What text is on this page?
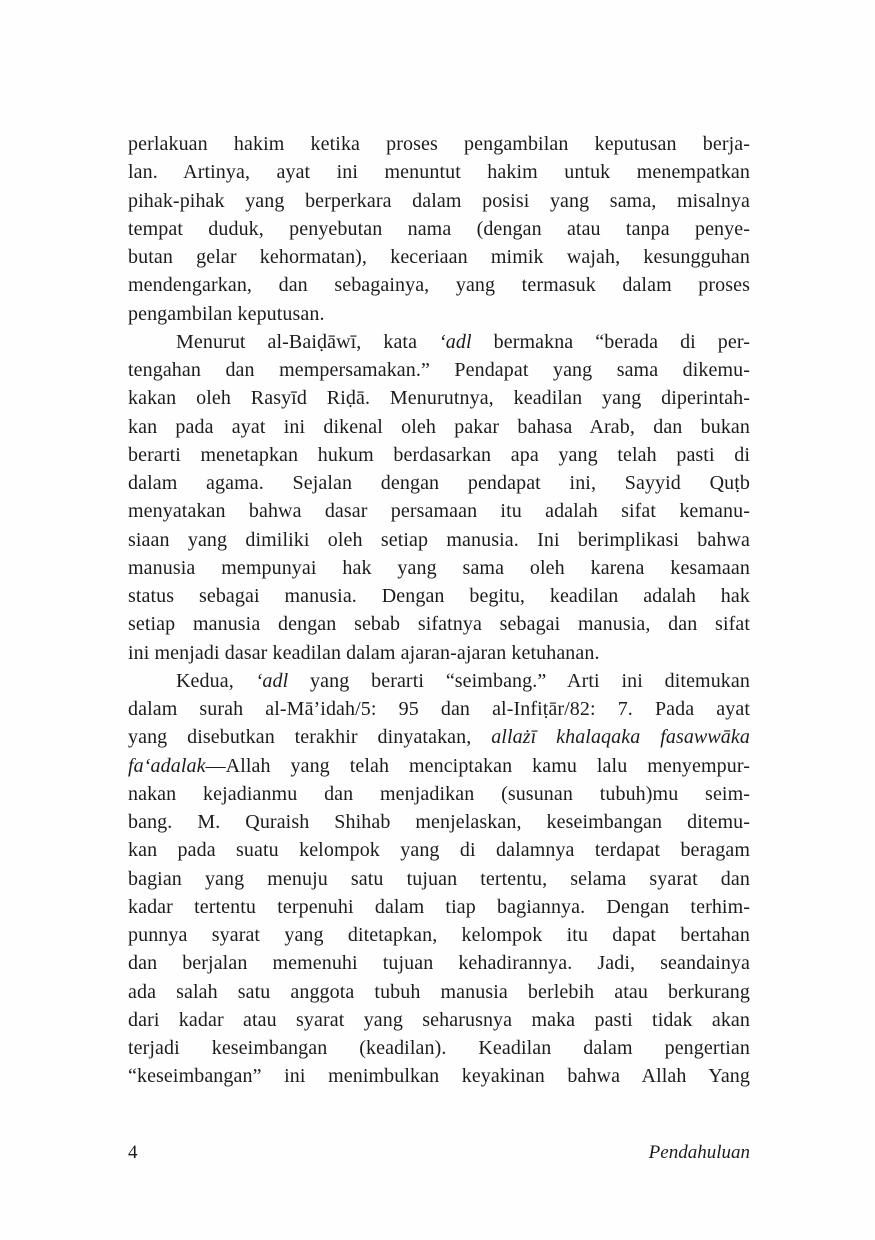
perlakuan hakim ketika proses pengambilan keputusan berja-
lan. Artinya, ayat ini menuntut hakim untuk menempatkan
pihak-pihak yang berperkara dalam posisi yang sama, misalnya
tempat duduk, penyebutan nama (dengan atau tanpa penye-
butan gelar kehormatan), keceriaan mimik wajah, kesungguhan
mendengarkan, dan sebagainya, yang termasuk dalam proses
pengambilan keputusan.
Menurut al-Baiḍāwī, kata ‘adl bermakna “berada di per-
tengahan dan mempersamakan.” Pendapat yang sama dikemu-
kakan oleh Rasyīd Riḍā. Menurutnya, keadilan yang diperintah-
kan pada ayat ini dikenal oleh pakar bahasa Arab, dan bukan
berarti menetapkan hukum berdasarkan apa yang telah pasti di
dalam agama. Sejalan dengan pendapat ini, Sayyid Quṭb
menyatakan bahwa dasar persamaan itu adalah sifat kemanu-
siaan yang dimiliki oleh setiap manusia. Ini berimplikasi bahwa
manusia mempunyai hak yang sama oleh karena kesamaan
status sebagai manusia. Dengan begitu, keadilan adalah hak
setiap manusia dengan sebab sifatnya sebagai manusia, dan sifat
ini menjadi dasar keadilan dalam ajaran-ajaran ketuhanan.
Kedua, ‘adl yang berarti “seimbang.” Arti ini ditemukan
dalam surah al-Mā’idah/5: 95 dan al-Infiṭār/82: 7. Pada ayat
yang disebutkan terakhir dinyatakan, allażī khalaqaka fasawwāka
fa‘adalak—Allah yang telah menciptakan kamu lalu menyempur-
nakan kejadianmu dan menjadikan (susunan tubuh)mu seim-
bang. M. Quraish Shihab menjelaskan, keseimbangan ditemu-
kan pada suatu kelompok yang di dalamnya terdapat beragam
bagian yang menuju satu tujuan tertentu, selama syarat dan
kadar tertentu terpenuhi dalam tiap bagiannya. Dengan terhim-
punnya syarat yang ditetapkan, kelompok itu dapat bertahan
dan berjalan memenuhi tujuan kehadirannya. Jadi, seandainya
ada salah satu anggota tubuh manusia berlebih atau berkurang
dari kadar atau syarat yang seharusnya maka pasti tidak akan
terjadi keseimbangan (keadilan). Keadilan dalam pengertian
“keseimbangan” ini menimbulkan keyakinan bahwa Allah Yang
4	Pendahuluan
